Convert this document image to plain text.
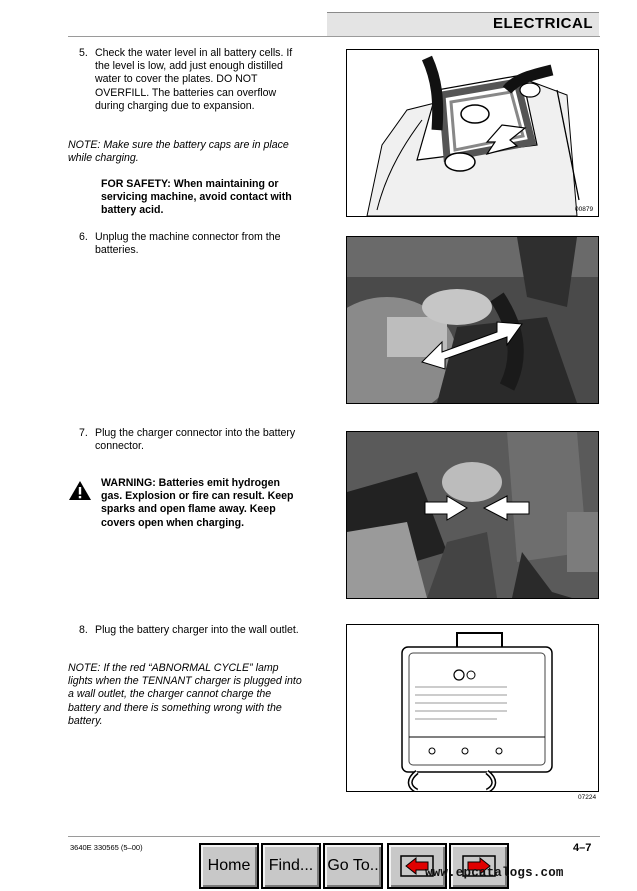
ELECTRICAL
5. Check the water level in all battery cells. If
the level is low, add just enough distilled
water to cover the plates. DO NOT
OVERFILL. The batteries can overflow
during charging due to expansion.
NOTE: Make sure the battery caps are in place
while charging.
FOR SAFETY: When maintaining or
servicing machine, avoid contact with
battery acid.
6. Unplug the machine connector from the
batteries.
7. Plug the charger connector into the battery
connector.
WARNING: Batteries emit hydrogen
gas. Explosion or fire can result. Keep
sparks and open flame away. Keep
covers open when charging.
8. Plug the battery charger into the wall outlet.
NOTE: If the red “ABNORMAL CYCLE” lamp
lights when the TENNANT charger is plugged into
a wall outlet, the charger cannot charge the
battery and there is something wrong with the
battery.
00879
07224
3640E 330565 (5–00)	4–7
Home	Find... Go To..	www.epcatalogs.com
